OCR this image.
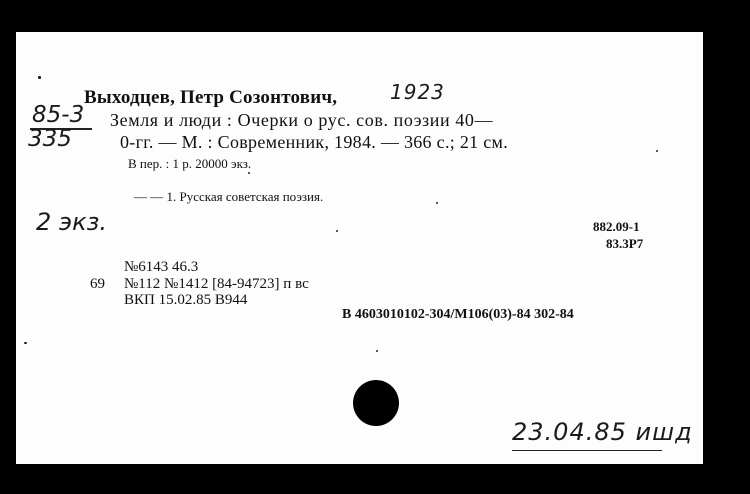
Выходцев, Петр Созонтович,	1923
85-3
335
Земля и люди : Очерки о рус. сов. поэзии 40—
0-гг. — М. : Современник, 1984. — 366 с.; 21 см.
В пер. : 1 р. 20000 экз.
— — 1. Русская советская поэзия.
2 экз.	882.09-1
83.3Р7
№6143 46.3
69 №112 №1412 [84-94723] п вс
ВКП 15.02.85 В944
В 4603010102-304/М106(03)-84 302-84
23.04.85 ишд
